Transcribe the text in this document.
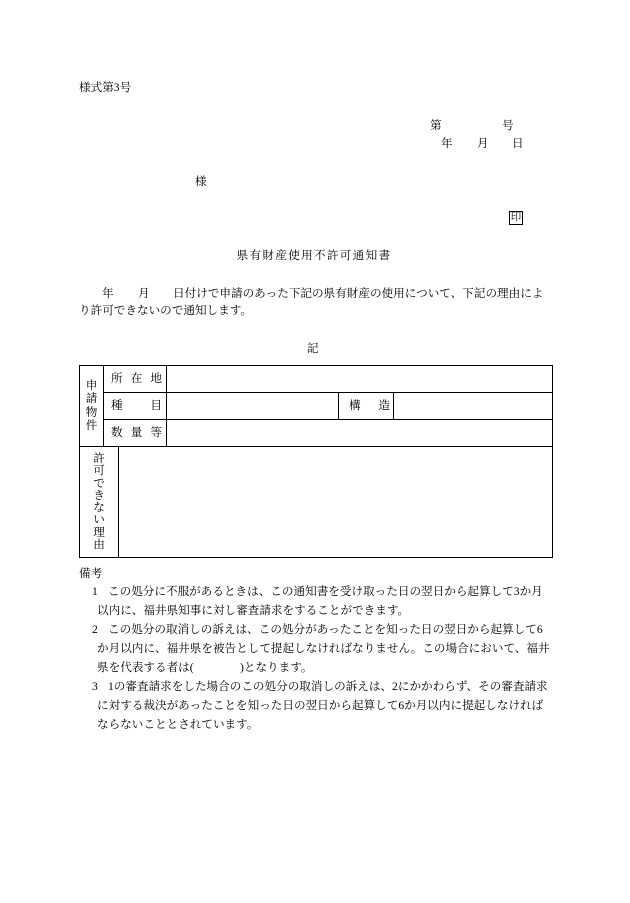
様式第3号
第	号
年 月 日
様
印
県有財産使用不許可通知書
年 月 日付けで申請のあった下記の県有財産の使用について、下記の理由によ
り許可できないので通知します。
記
申
請
物
件
所 在 地
種 目	構 造
数 量 等
許
可
で
き
な
い
理
由
備考
1 この処分に不服があるときは、この通知書を受け取った日の翌日から起算して3か月
以内に、福井県知事に対し審査請求をすることができます。
2 この処分の取消しの訴えは、この処分があったことを知った日の翌日から起算して6
か月以内に、福井県を被告として提起しなければなりません。この場合において、福井
県を代表する者は(　　　　)となります。
3 1の審査請求をした場合のこの処分の取消しの訴えは、2にかかわらず、その審査請求
に対する裁決があったことを知った日の翌日から起算して6か月以内に提起しなければ
ならないこととされています。
